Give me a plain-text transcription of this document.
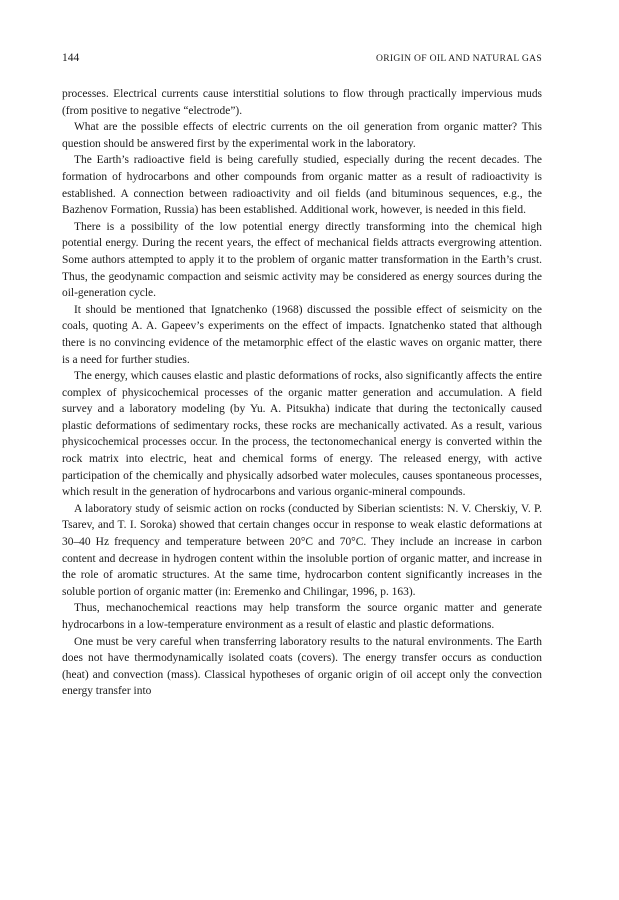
144	ORIGIN OF OIL AND NATURAL GAS

processes. Electrical currents cause interstitial solutions to flow through practically impervious muds (from positive to negative “electrode”).

What are the possible effects of electric currents on the oil generation from organic matter? This question should be answered first by the experimental work in the laboratory.

The Earth’s radioactive field is being carefully studied, especially during the recent decades. The formation of hydrocarbons and other compounds from organic matter as a result of radioactivity is established. A connection between radioactivity and oil fields (and bituminous sequences, e.g., the Bazhenov Formation, Russia) has been established. Additional work, however, is needed in this field.

There is a possibility of the low potential energy directly transforming into the chemical high potential energy. During the recent years, the effect of mechanical fields attracts evergrowing attention. Some authors attempted to apply it to the problem of organic matter transformation in the Earth’s crust. Thus, the geodynamic compaction and seismic activity may be considered as energy sources during the oil-generation cycle.

It should be mentioned that Ignatchenko (1968) discussed the possible effect of seismicity on the coals, quoting A. A. Gapeev’s experiments on the effect of impacts. Ignatchenko stated that although there is no convincing evidence of the metamorphic effect of the elastic waves on organic matter, there is a need for further studies.

The energy, which causes elastic and plastic deformations of rocks, also significantly affects the entire complex of physicochemical processes of the organic matter generation and accumulation. A field survey and a laboratory modeling (by Yu. A. Pitsukha) indicate that during the tectonically caused plastic deformations of sedimentary rocks, these rocks are mechanically activated. As a result, various physicochemical processes occur. In the process, the tectonomechanical energy is converted within the rock matrix into electric, heat and chemical forms of energy. The released energy, with active participation of the chemically and physically adsorbed water molecules, causes spontaneous processes, which result in the generation of hydrocarbons and various organic-mineral compounds.

A laboratory study of seismic action on rocks (conducted by Siberian scientists: N. V. Cherskiy, V. P. Tsarev, and T. I. Soroka) showed that certain changes occur in response to weak elastic deformations at 30–40 Hz frequency and temperature between 20°C and 70°C. They include an increase in carbon content and decrease in hydrogen content within the insoluble portion of organic matter, and increase in the role of aromatic structures. At the same time, hydrocarbon content significantly increases in the soluble portion of organic matter (in: Eremenko and Chilingar, 1996, p. 163).

Thus, mechanochemical reactions may help transform the source organic matter and generate hydrocarbons in a low-temperature environment as a result of elastic and plastic deformations.

One must be very careful when transferring laboratory results to the natural environments. The Earth does not have thermodynamically isolated coats (covers). The energy transfer occurs as conduction (heat) and convection (mass). Classical hypotheses of organic origin of oil accept only the convection energy transfer into
